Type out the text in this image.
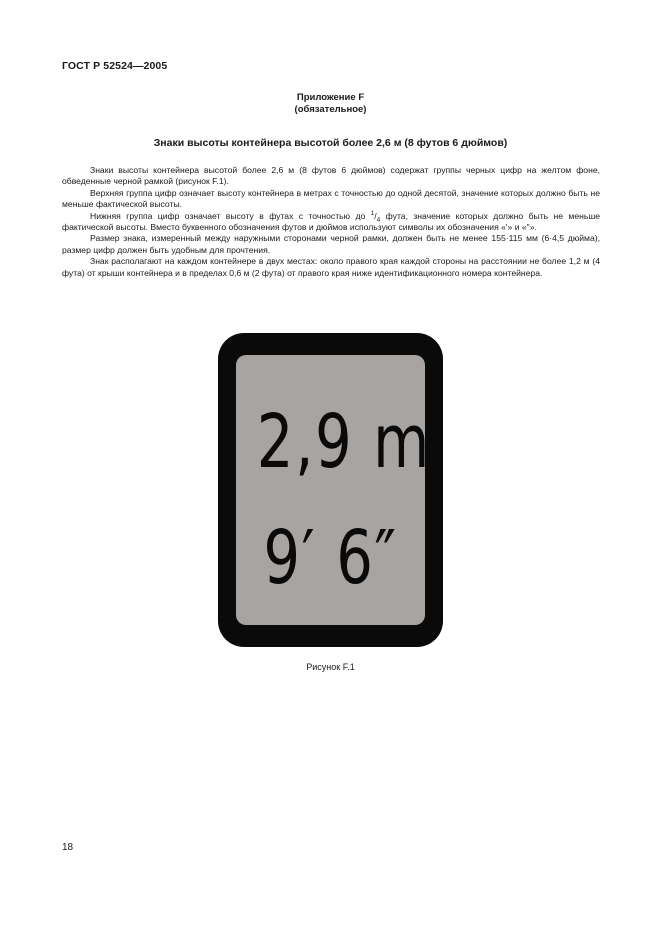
ГОСТ Р 52524—2005
Приложение F
(обязательное)
Знаки высоты контейнера высотой более 2,6 м (8 футов 6 дюймов)

Знаки высоты контейнера высотой более 2,6 м (8 футов 6 дюймов) содержат группы черных цифр на желтом фоне, обведенные черной рамкой (рисунок F.1).

Верхняя группа цифр означает высоту контейнера в метрах с точностью до одной десятой, значение которых должно быть не меньше фактической высоты.

Нижняя группа цифр означает высоту в футах с точностью до $^1/_4$ фута, значение которых должно быть не меньше фактической высоты. Вместо буквенного обозначения футов и дюймов используют символы их обозначения «'» и «"».

Размер знака, измеренный между наружными сторонами черной рамки, должен быть не менее 155·115 мм (6·4,5 дюйма), размер цифр должен быть удобным для прочтения.

Знак располагают на каждом контейнере в двух местах: около правого края каждой стороны на расстоянии не более 1,2 м (4 фута) от крыши контейнера и в пределах 0,6 м (2 фута) от правого края ниже идентификационного номера контейнера.

2,9 m
9′ 6″
Рисунок F.1
18
